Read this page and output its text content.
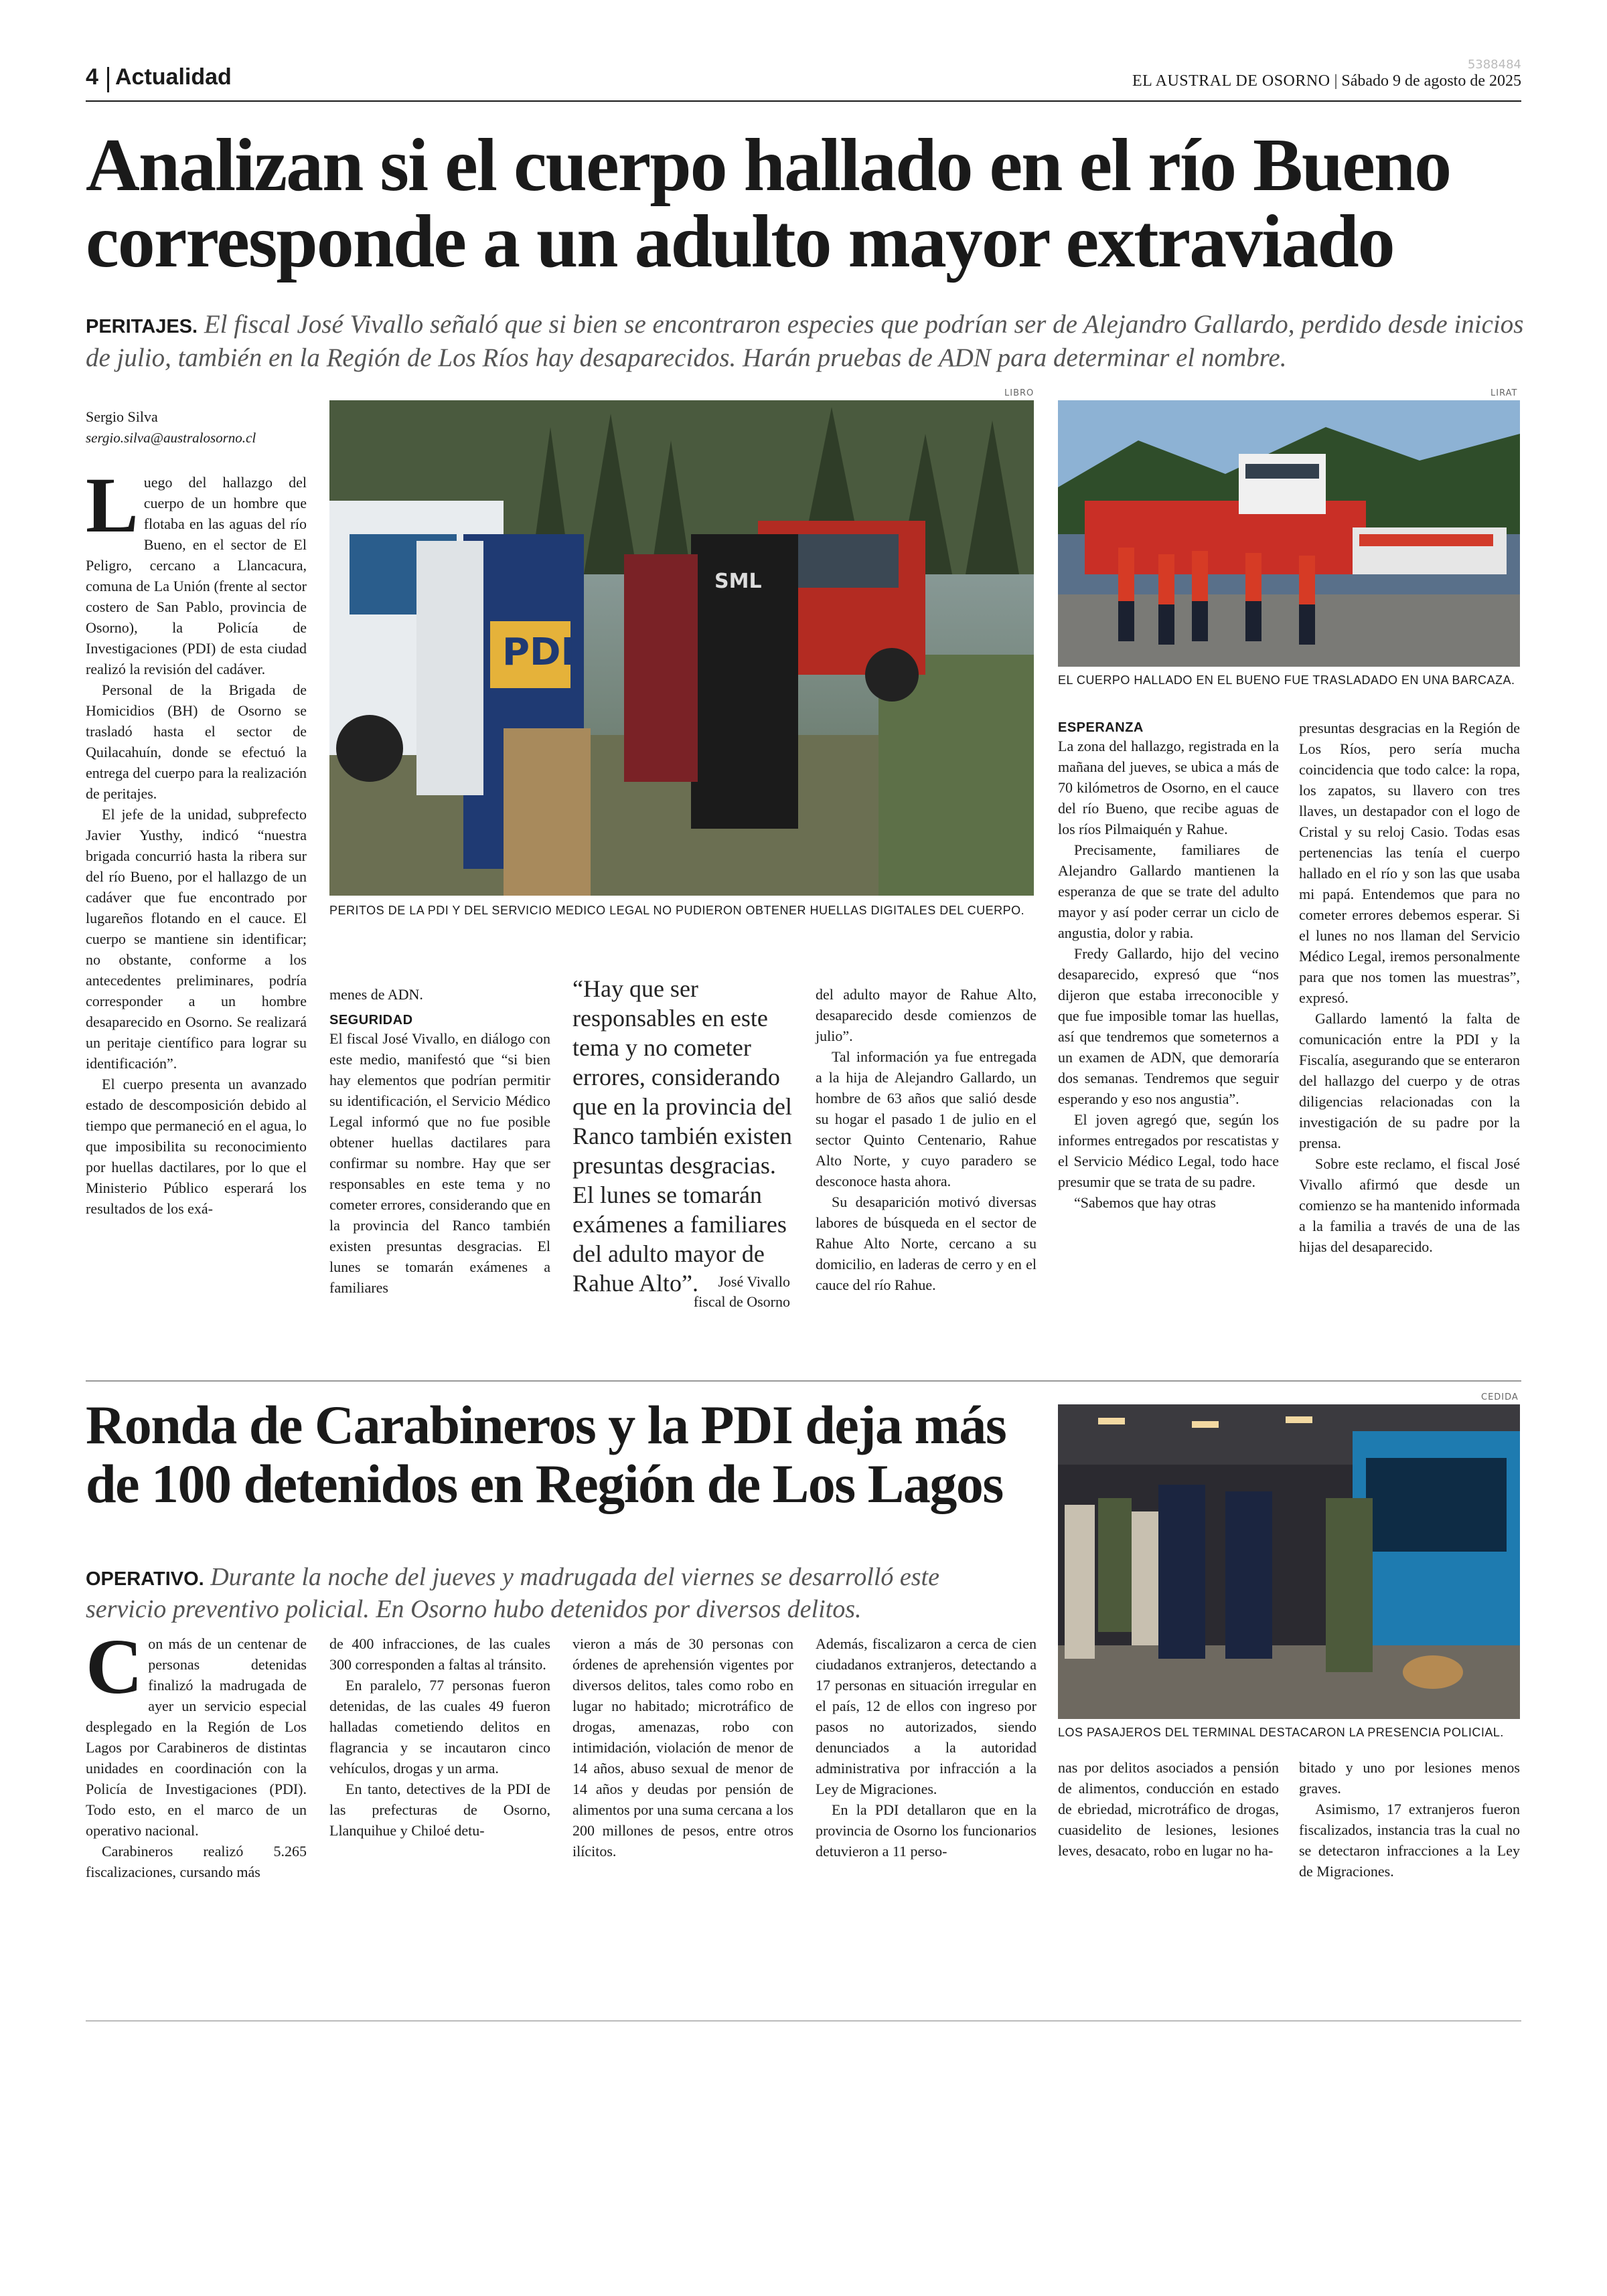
5388484
4 Actualidad	EL AUSTRAL DE OSORNO | Sábado 9 de agosto de 2025
Analizan si el cuerpo hallado en el río Bueno corresponde a un adulto mayor extraviado
PERITAJES. El fiscal José Vivallo señaló que si bien se encontraron especies que podrían ser de Alejandro Gallardo, perdido desde inicios de julio, también en la Región de Los Ríos hay desaparecidos. Harán pruebas de ADN para determinar el nombre.
Sergio Silva
sergio.silva@australosorno.cl
LIBRO
PDI
SML
PERITOS DE LA PDI Y DEL SERVICIO MEDICO LEGAL NO PUDIERON OBTENER HUELLAS DIGITALES DEL CUERPO.
LIRAT
EL CUERPO HALLADO EN EL BUENO FUE TRASLADADO EN UNA BARCAZA.

Luego del hallazgo del cuerpo de un hombre que flotaba en las aguas del río Bueno, en el sector de El Peligro, cercano a Llancacura, comuna de La Unión (frente al sector costero de San Pablo, provincia de Osorno), la Policía de Investigaciones (PDI) de esta ciudad realizó la revisión del cadáver.

Personal de la Brigada de Homicidios (BH) de Osorno se trasladó hasta el sector de Quilacahuín, donde se efectuó la entrega del cuerpo para la realización de peritajes.

El jefe de la unidad, subprefecto Javier Yusthy, indicó “nuestra brigada concurrió hasta la ribera sur del río Bueno, por el hallazgo de un cadáver que fue encontrado por lugareños flotando en el cauce. El cuerpo se mantiene sin identificar; no obstante, conforme a los antecedentes preliminares, podría corresponder a un hombre desaparecido en Osorno. Se realizará un peritaje científico para lograr su identificación”.

El cuerpo presenta un avanzado estado de descomposición debido al tiempo que permaneció en el agua, lo que imposibilita su reconocimiento por huellas dactilares, por lo que el Ministerio Público esperará los resultados de los exá-

menes de ADN.

SEGURIDAD

El fiscal José Vivallo, en diálogo con este medio, manifestó que “si bien hay elementos que podrían permitir su identificación, el Servicio Médico Legal informó que no fue posible obtener huellas dactilares para confirmar su nombre. Hay que ser responsables en este tema y no cometer errores, considerando que en la provincia del Ranco también existen presuntas desgracias. El lunes se tomarán exámenes a familiares

“Hay que ser responsables en este tema y no cometer errores, considerando que en la provincia del Ranco también existen presuntas desgracias. El lunes se tomarán exámenes a familiares del adulto mayor de Rahue Alto”.	José Vivallo
fiscal de Osorno

del adulto mayor de Rahue Alto, desaparecido desde comienzos de julio”.

Tal información ya fue entregada a la hija de Alejandro Gallardo, un hombre de 63 años que salió desde su hogar el pasado 1 de julio en el sector Quinto Centenario, Rahue Alto Norte, y cuyo paradero se desconoce hasta ahora.

Su desaparición motivó diversas labores de búsqueda en el sector de Rahue Alto Norte, cercano a su domicilio, en laderas de cerro y en el cauce del río Rahue.

ESPERANZA

La zona del hallazgo, registrada en la mañana del jueves, se ubica a más de 70 kilómetros de Osorno, en el cauce del río Bueno, que recibe aguas de los ríos Pilmaiquén y Rahue.

Precisamente, familiares de Alejandro Gallardo mantienen la esperanza de que se trate del adulto mayor y así poder cerrar un ciclo de angustia, dolor y rabia.

Fredy Gallardo, hijo del vecino desaparecido, expresó que “nos dijeron que estaba irreconocible y que fue imposible tomar las huellas, así que tendremos que someternos a un examen de ADN, que demoraría dos semanas. Tendremos que seguir esperando y eso nos angustia”.

El joven agregó que, según los informes entregados por rescatistas y el Servicio Médico Legal, todo hace presumir que se trata de su padre.

“Sabemos que hay otras

presuntas desgracias en la Región de Los Ríos, pero sería mucha coincidencia que todo calce: la ropa, los zapatos, su llavero con tres llaves, un destapador con el logo de Cristal y su reloj Casio. Todas esas pertenencias las tenía el cuerpo hallado en el río y son las que usaba mi papá. Entendemos que para no cometer errores debemos esperar. Si el lunes no nos llaman del Servicio Médico Legal, iremos personalmente para que nos tomen las muestras”, expresó.

Gallardo lamentó la falta de comunicación entre la PDI y la Fiscalía, asegurando que se enteraron del hallazgo del cuerpo y de otras diligencias relacionadas con la investigación de su padre por la prensa.

Sobre este reclamo, el fiscal José Vivallo afirmó que desde un comienzo se ha mantenido informada a la familia a través de una de las hijas del desaparecido.

Ronda de Carabineros y la PDI deja más de 100 detenidos en Región de Los Lagos
OPERATIVO. Durante la noche del jueves y madrugada del viernes se desarrolló este servicio preventivo policial. En Osorno hubo detenidos por diversos delitos.
CEDIDA
LOS PASAJEROS DEL TERMINAL DESTACARON LA PRESENCIA POLICIAL.

Con más de un centenar de personas detenidas finalizó la madrugada de ayer un servicio especial desplegado en la Región de Los Lagos por Carabineros de distintas unidades en coordinación con la Policía de Investigaciones (PDI). Todo esto, en el marco de un operativo nacional.

Carabineros realizó 5.265 fiscalizaciones, cursando más

de 400 infracciones, de las cuales 300 corresponden a faltas al tránsito.

En paralelo, 77 personas fueron detenidas, de las cuales 49 fueron halladas cometiendo delitos en flagrancia y se incautaron cinco vehículos, drogas y un arma.

En tanto, detectives de la PDI de las prefecturas de Osorno, Llanquihue y Chiloé detu-

vieron a más de 30 personas con órdenes de aprehensión vigentes por diversos delitos, tales como robo en lugar no habitado; microtráfico de drogas, amenazas, robo con intimidación, violación de menor de 14 años, abuso sexual de menor de 14 años y deudas por pensión de alimentos por una suma cercana a los 200 millones de pesos, entre otros ilícitos.

Además, fiscalizaron a cerca de cien ciudadanos extranjeros, detectando a 17 personas en situación irregular en el país, 12 de ellos con ingreso por pasos no autorizados, siendo denunciados a la autoridad administrativa por infracción a la Ley de Migraciones.

En la PDI detallaron que en la provincia de Osorno los funcionarios detuvieron a 11 perso-

nas por delitos asociados a pensión de alimentos, conducción en estado de ebriedad, microtráfico de drogas, cuasidelito de lesiones, lesiones leves, desacato, robo en lugar no ha-

bitado y uno por lesiones menos graves.

Asimismo, 17 extranjeros fueron fiscalizados, instancia tras la cual no se detectaron infracciones a la Ley de Migraciones.
